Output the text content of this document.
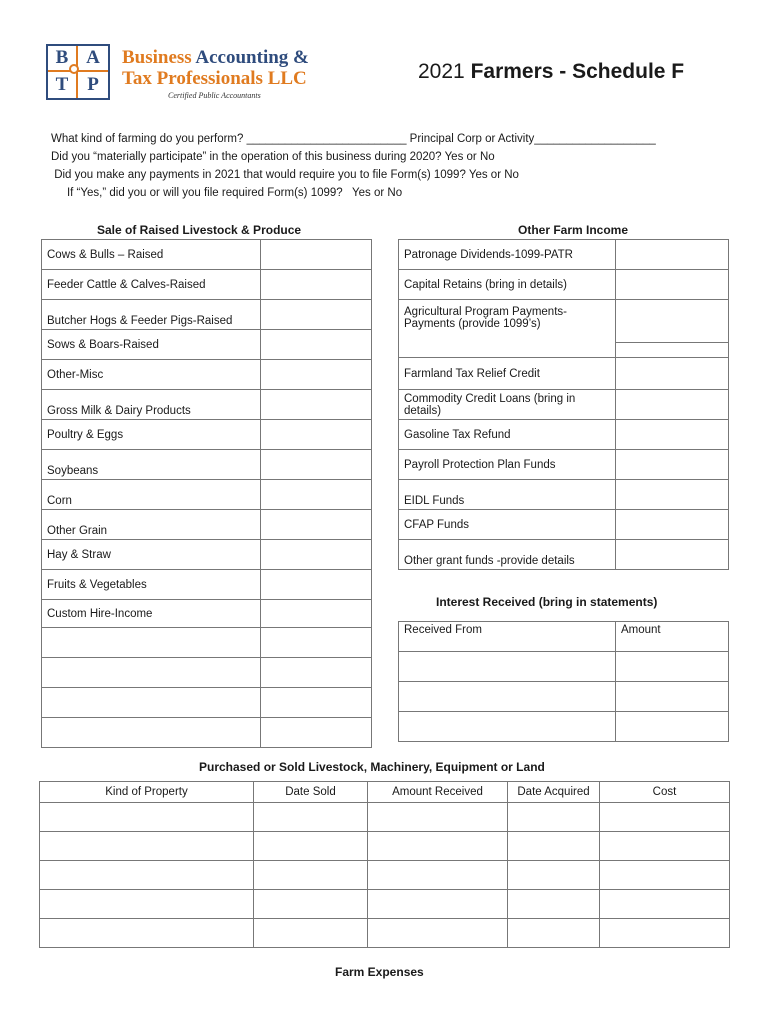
B A
T P
Business Accounting &
Tax Professionals LLC
Certified Public Accountants
2021 Farmers - Schedule F
What kind of farming do you perform? _________________________ Principal Corp or Activity___________________
Did you “materially participate” in the operation of this business during 2020? Yes or No
Did you make any payments in 2021 that would require you to file Form(s) 1099? Yes or No
If “Yes,” did you or will you file required Form(s) 1099?   Yes or No
Sale of Raised Livestock & Produce	Other Farm Income
Cows & Bulls – Raised	
Feeder Cattle & Calves-Raised	
Butcher Hogs & Feeder Pigs-Raised	
Sows & Boars-Raised	
Other-Misc	
Gross Milk & Dairy Products	
Poultry & Eggs	
Soybeans	
Corn	
Other Grain	
Hay & Straw	
Fruits & Vegetables	
Custom Hire-Income	

Patronage Dividends-1099-PATR	
Capital Retains (bring in details)	
Agricultural Program Payments-Payments (provide 1099’s)	

Farmland Tax Relief Credit	
Commodity Credit Loans (bring in details)	
Gasoline Tax Refund	
Payroll Protection Plan Funds	
EIDL Funds	
CFAP Funds	
Other grant funds -provide details	
Interest Received (bring in statements)
Received From	Amount

Purchased or Sold Livestock, Machinery, Equipment or Land
Kind of Property	Date Sold	Amount Received	Date Acquired	Cost

Farm Expenses
